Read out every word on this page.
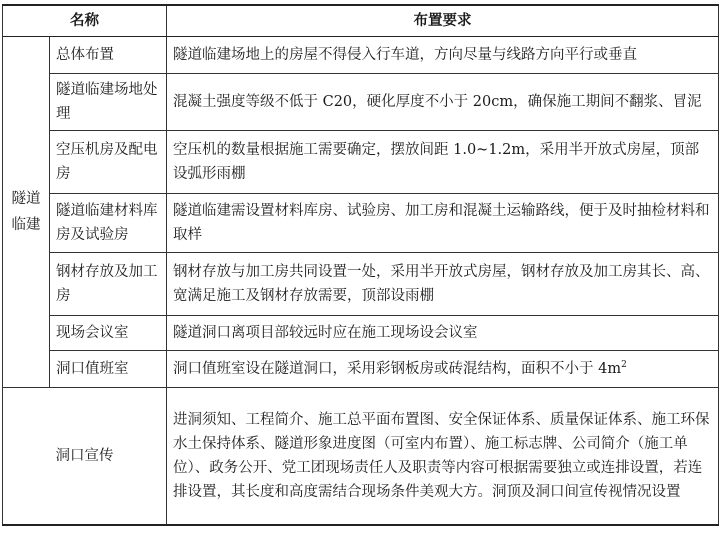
名称		布置要求
隧道临建	总体布置	隧道临建场地上的房屋不得侵入行车道，方向尽量与线路方向平行或垂直
	隧道临建场地处理	混凝土强度等级不低于 C20，硬化厚度不小于 20cm，确保施工期间不翻浆、冒泥
	空压机房及配电房	空压机的数量根据施工需要确定，摆放间距 1.0~1.2m，采用半开放式房屋，顶部设弧形雨棚
	隧道临建材料库房及试验房	隧道临建需设置材料库房、试验房、加工房和混凝土运输路线，便于及时抽检材料和取样
	钢材存放及加工房	钢材存放与加工房共同设置一处，采用半开放式房屋，钢材存放及加工房其长、高、宽满足施工及钢材存放需要，顶部设雨棚
	现场会议室	隧道洞口离项目部较远时应在施工现场设会议室
	洞口值班室	洞口值班室设在隧道洞口，采用彩钢板房或砖混结构，面积不小于 $4m^2$
洞口宣传		进洞须知、工程简介、施工总平面布置图、安全保证体系、质量保证体系、施工环保水土保持体系、隧道形象进度图（可室内布置）、施工标志牌、公司简介（施工单位）、政务公开、党工团现场责任人及职责等内容可根据需要独立或连排设置，若连排设置，其长度和高度需结合现场条件美观大方。洞顶及洞口间宣传视情况设置
